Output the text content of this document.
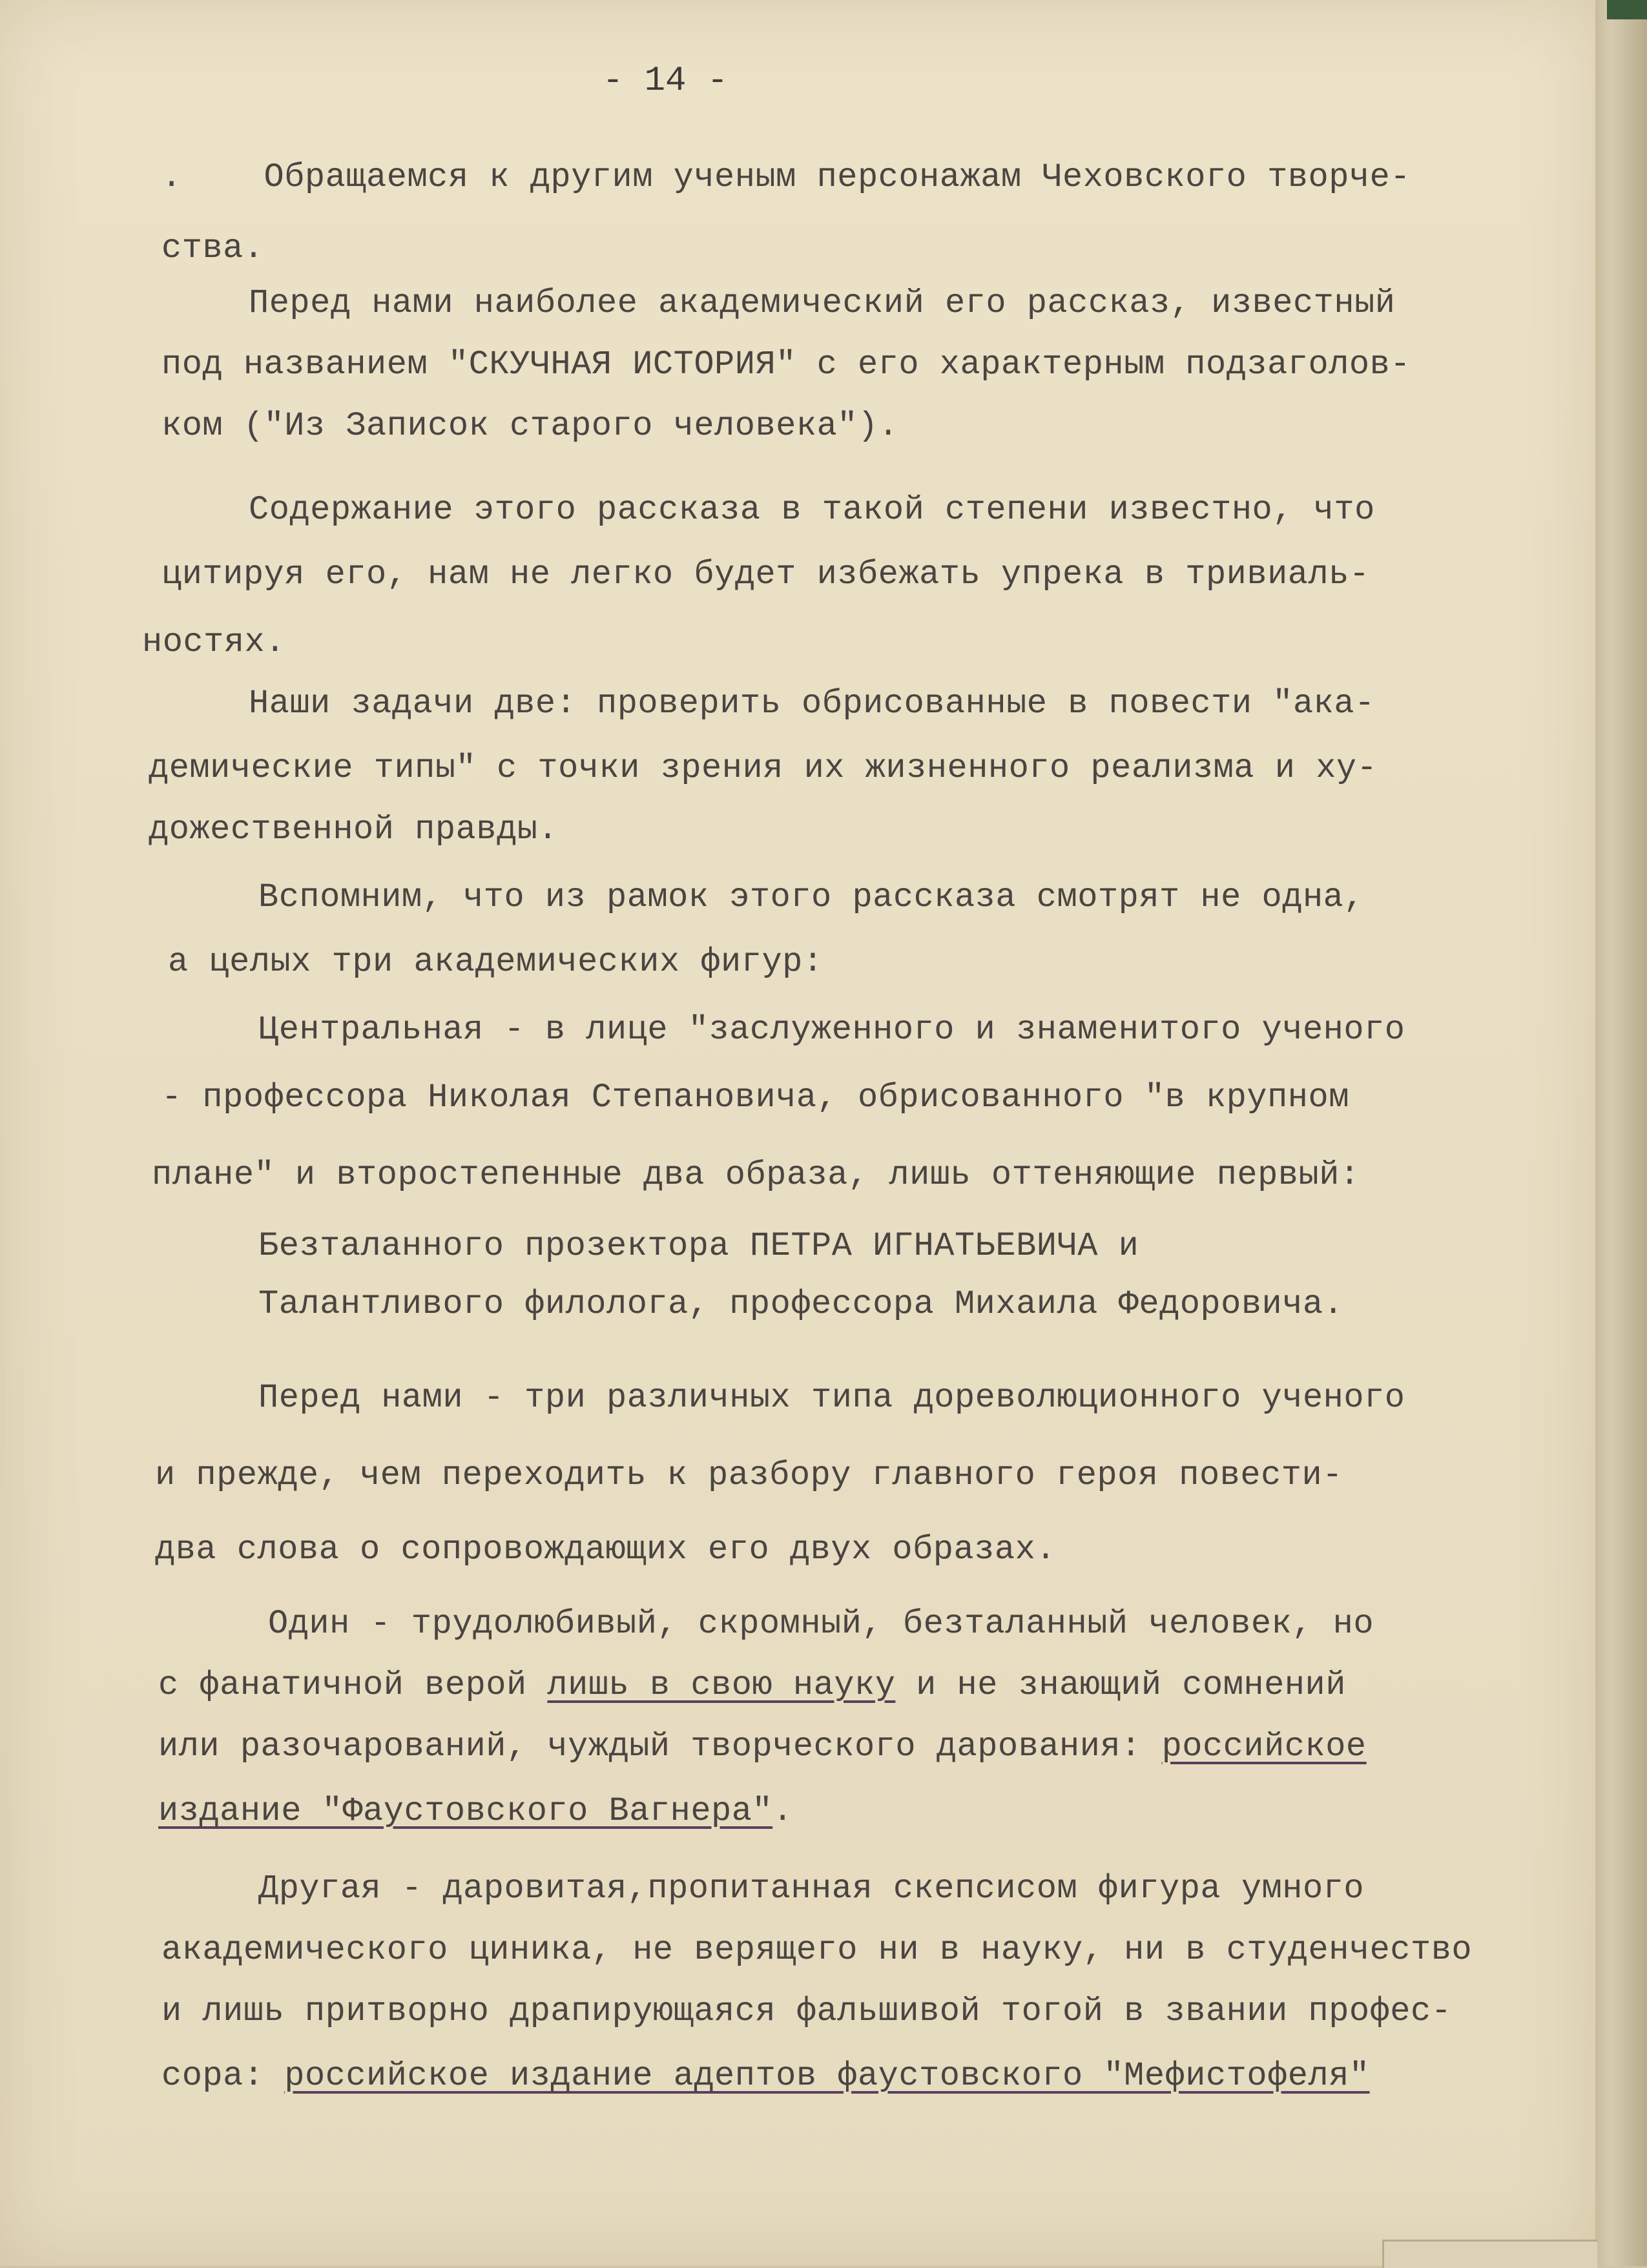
- 14 -
.    Обращаемся к другим ученым персонажам Чеховского творче-
ства.
Перед нами наиболее академический его рассказ, известный
под названием "СКУЧНАЯ ИСТОРИЯ" с его характерным подзаголов-
ком ("Из Записок старого человека").
Содержание этого рассказа в такой степени известно, что
цитируя его, нам не легко будет избежать упрека в тривиаль-
ностях.
Наши задачи две: проверить обрисованные в повести "ака-
демические типы" с точки зрения их жизненного реализма и ху-
дожественной правды.
Вспомним, что из рамок этого рассказа смотрят не одна,
а целых три академических фигур:
Центральная - в лице "заслуженного и знаменитого ученого
- профессора Николая Степановича, обрисованного "в крупном
плане" и второстепенные два образа, лишь оттеняющие первый:
Безталанного прозектора ПЕТРА ИГНАТЬЕВИЧА и
Талантливого филолога, профессора Михаила Федоровича.
Перед нами - три различных типа дореволюционного ученого
и прежде, чем переходить к разбору главного героя повести-
два слова о сопровождающих его двух образах.
Один - трудолюбивый, скромный, безталанный человек, но
с фанатичной верой лишь в свою науку и не знающий сомнений
или разочарований, чуждый творческого дарования: российское
издание "Фаустовского Вагнера".
Другая - даровитая,пропитанная скепсисом фигура умного
академического циника, не верящего ни в науку, ни в студенчество
и лишь притворно драпирующаяся фальшивой тогой в звании профес-
сора: российское издание адептов фаустовского "Мефистофеля"
